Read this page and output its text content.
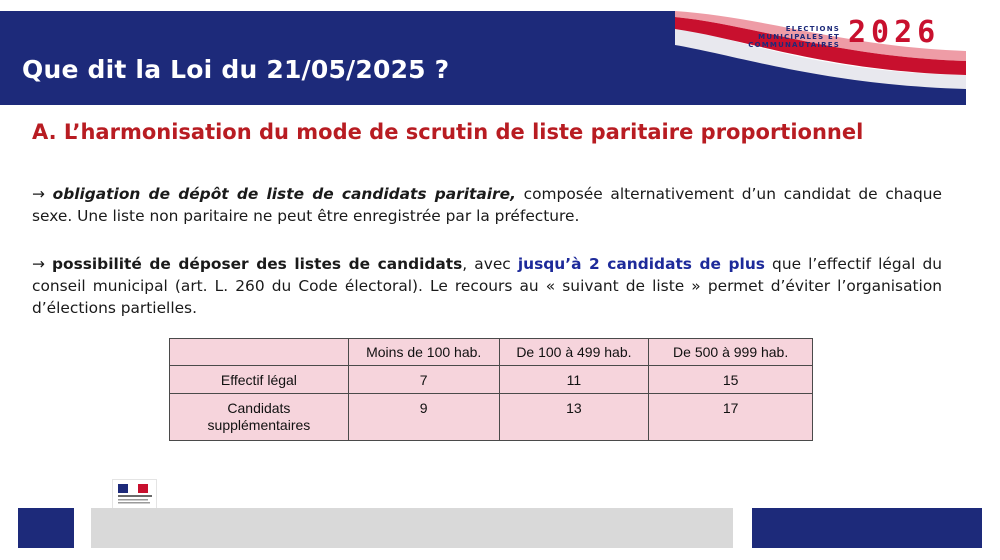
Que dit la Loi du 21/05/2025 ?
ELECTIONS
MUNICIPALES ET
COMMUNAUTAIRES 2026
A. L’harmonisation du mode de scrutin de liste paritaire proportionnel

→ obligation de dépôt de liste de candidats paritaire, composée alternativement d’un candidat de chaque sexe. Une liste non paritaire ne peut être enregistrée par la préfecture.

→ possibilité de déposer des listes de candidats, avec jusqu’à 2 candidats de plus que l’effectif légal du conseil municipal (art. L. 260 du Code électoral). Le recours au « suivant de liste » permet d’éviter l’organisation d’élections partielles.

	Moins de 100 hab.	De 100 à 499 hab.	De 500 à 999 hab.
Effectif légal	7	11	15

Candidats
supplémentaires	9	13	17
